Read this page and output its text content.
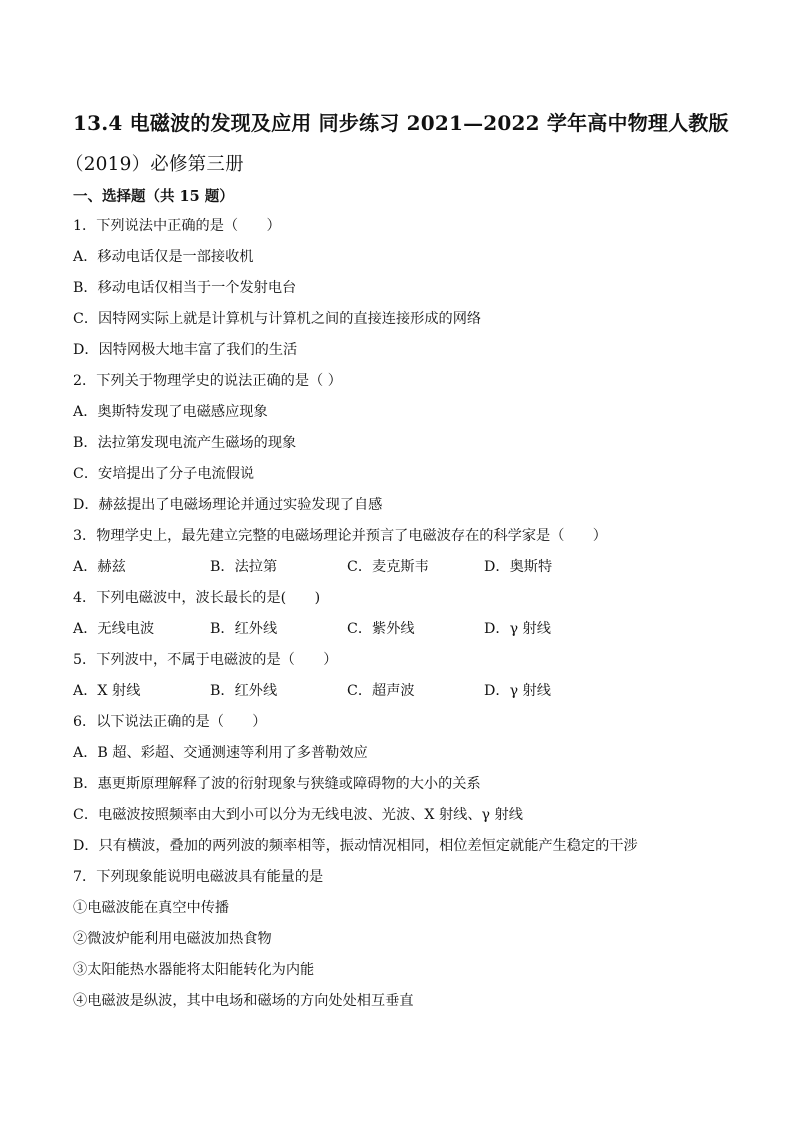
13.4 电磁波的发现及应用 同步练习 2021—2022 学年高中物理人教版
（2019）必修第三册
一、选择题（共 15 题）
1．下列说法中正确的是（　　）
A．移动电话仅是一部接收机
B．移动电话仅相当于一个发射电台
C．因特网实际上就是计算机与计算机之间的直接连接形成的网络
D．因特网极大地丰富了我们的生活
2．下列关于物理学史的说法正确的是（ ）
A．奥斯特发现了电磁感应现象
B．法拉第发现电流产生磁场的现象
C．安培提出了分子电流假说
D．赫兹提出了电磁场理论并通过实验发现了自感
3．物理学史上，最先建立完整的电磁场理论并预言了电磁波存在的科学家是（　　）
A．赫兹	B．法拉第	C．麦克斯韦	D．奥斯特
4．下列电磁波中，波长最长的是(　　)
A．无线电波	B．红外线	C．紫外线	D．γ 射线
5．下列波中，不属于电磁波的是（　　）
A．X 射线	B．红外线	C．超声波	D．γ 射线
6．以下说法正确的是（　　）
A．B 超、彩超、交通测速等利用了多普勒效应
B．惠更斯原理解释了波的衍射现象与狭缝或障碍物的大小的关系
C．电磁波按照频率由大到小可以分为无线电波、光波、X 射线、γ 射线
D．只有横波，叠加的两列波的频率相等，振动情况相同，相位差恒定就能产生稳定的干涉
7．下列现象能说明电磁波具有能量的是
①电磁波能在真空中传播
②微波炉能利用电磁波加热食物
③太阳能热水器能将太阳能转化为内能
④电磁波是纵波，其中电场和磁场的方向处处相互垂直
